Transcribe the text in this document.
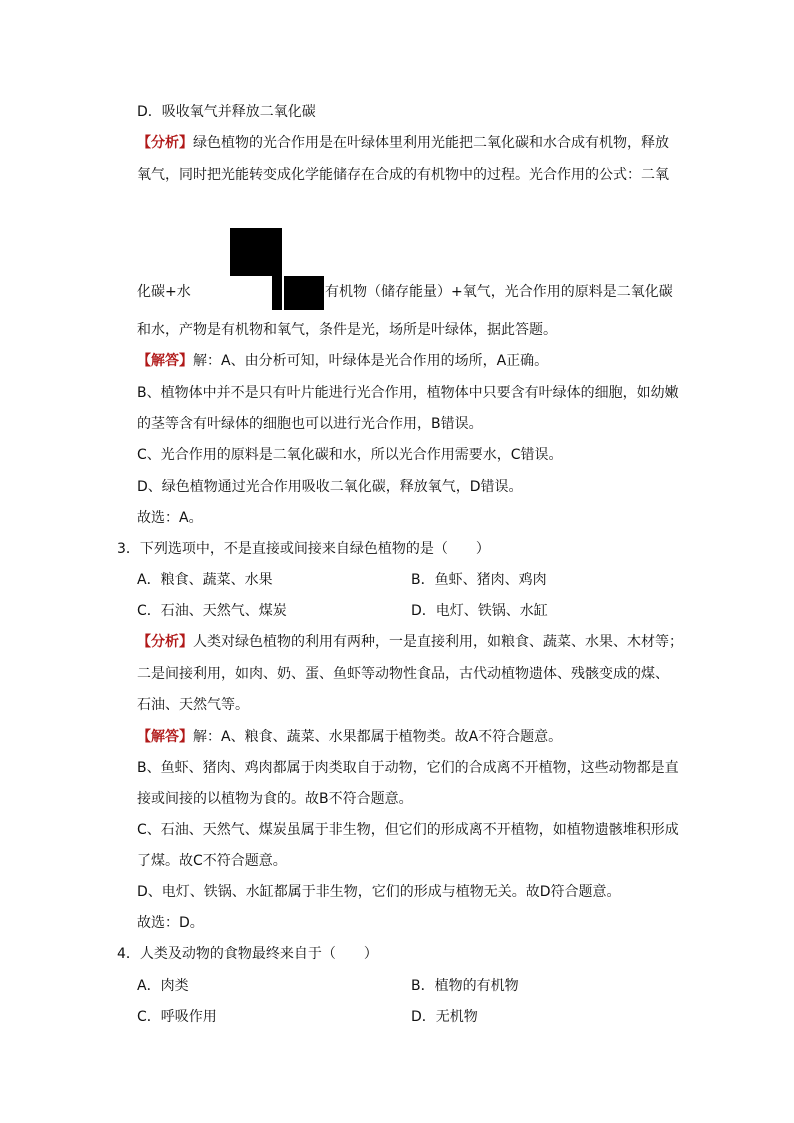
D．吸收氧气并释放二氧化碳
【分析】绿色植物的光合作用是在叶绿体里利用光能把二氧化碳和水合成有机物，释放
氧气，同时把光能转变成化学能储存在合成的有机物中的过程。光合作用的公式：二氧
化碳+水	有机物（储存能量）+氧气，光合作用的原料是二氧化碳
和水，产物是有机物和氧气，条件是光，场所是叶绿体，据此答题。
【解答】解：A、由分析可知，叶绿体是光合作用的场所，A正确。
B、植物体中并不是只有叶片能进行光合作用，植物体中只要含有叶绿体的细胞，如幼嫩
的茎等含有叶绿体的细胞也可以进行光合作用，B错误。
C、光合作用的原料是二氧化碳和水，所以光合作用需要水，C错误。
D、绿色植物通过光合作用吸收二氧化碳，释放氧气，D错误。
故选：A。
3．下列选项中，不是直接或间接来自绿色植物的是（　　）
A．粮食、蔬菜、水果	B．鱼虾、猪肉、鸡肉
C．石油、天然气、煤炭	D．电灯、铁锅、水缸
【分析】人类对绿色植物的利用有两种，一是直接利用，如粮食、蔬菜、水果、木材等；
二是间接利用，如肉、奶、蛋、鱼虾等动物性食品，古代动植物遗体、残骸变成的煤、
石油、天然气等。
【解答】解：A、粮食、蔬菜、水果都属于植物类。故A不符合题意。
B、鱼虾、猪肉、鸡肉都属于肉类取自于动物，它们的合成离不开植物，这些动物都是直
接或间接的以植物为食的。故B不符合题意。
C、石油、天然气、煤炭虽属于非生物，但它们的形成离不开植物，如植物遗骸堆积形成
了煤。故C不符合题意。
D、电灯、铁锅、水缸都属于非生物，它们的形成与植物无关。故D符合题意。
故选：D。
4．人类及动物的食物最终来自于（　　）
A．肉类	B．植物的有机物
C．呼吸作用	D．无机物
